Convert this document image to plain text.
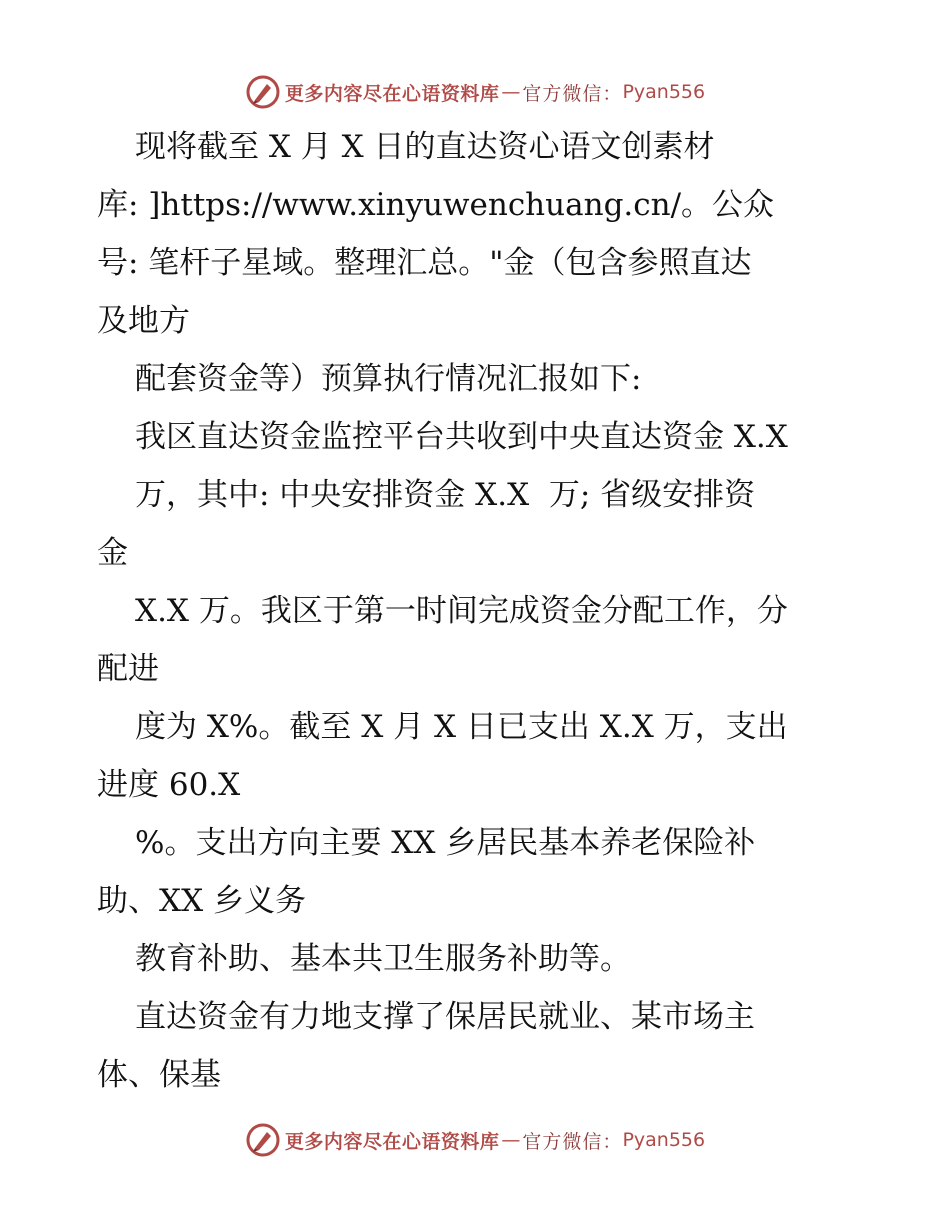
更多内容尽在心语资料库 — 官方微信： Pyan556
现将截至 X 月 X 日的直达资心语文创素材
库: ]https://www.xinyuwenchuang.cn/。公众
号: 笔杆子星域。整理汇总。"金（包含参照直达
及地方
配套资金等）预算执行情况汇报如下:
我区直达资金监控平台共收到中央直达资金 X.X
万，其中: 中央安排资金 X.X  万; 省级安排资
金
X.X 万。我区于第一时间完成资金分配工作，分
配进
度为 X%。截至 X 月 X 日已支出 X.X 万，支出
进度 60.X
%。支出方向主要 XX 乡居民基本养老保险补
助、XX 乡义务
教育补助、基本共卫生服务补助等。
直达资金有力地支撑了保居民就业、某市场主
体、保基
更多内容尽在心语资料库 — 官方微信： Pyan556
